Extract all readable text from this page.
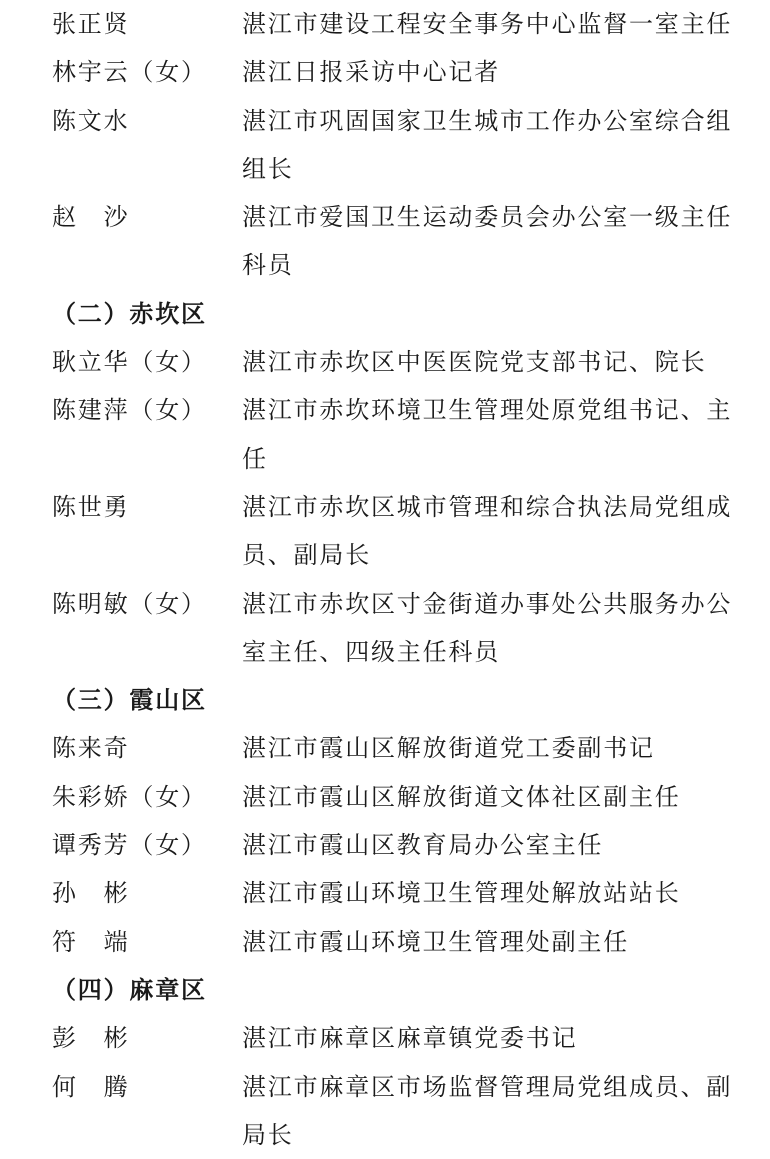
张正贤	湛江市建设工程安全事务中心监督一室主任
林宇云（女）	湛江日报采访中心记者
陈文水	湛江市巩固国家卫生城市工作办公室综合组组长
赵　沙	湛江市爱国卫生运动委员会办公室一级主任科员
（二）赤坎区
耿立华（女）	湛江市赤坎区中医医院党支部书记、院长
陈建萍（女）	湛江市赤坎环境卫生管理处原党组书记、主任
陈世勇	湛江市赤坎区城市管理和综合执法局党组成员、副局长
陈明敏（女）	湛江市赤坎区寸金街道办事处公共服务办公室主任、四级主任科员
（三）霞山区
陈来奇	湛江市霞山区解放街道党工委副书记
朱彩娇（女）	湛江市霞山区解放街道文体社区副主任
谭秀芳（女）	湛江市霞山区教育局办公室主任
孙　彬	湛江市霞山环境卫生管理处解放站站长
符　端	湛江市霞山环境卫生管理处副主任
（四）麻章区
彭　彬	湛江市麻章区麻章镇党委书记
何　腾	湛江市麻章区市场监督管理局党组成员、副局长
